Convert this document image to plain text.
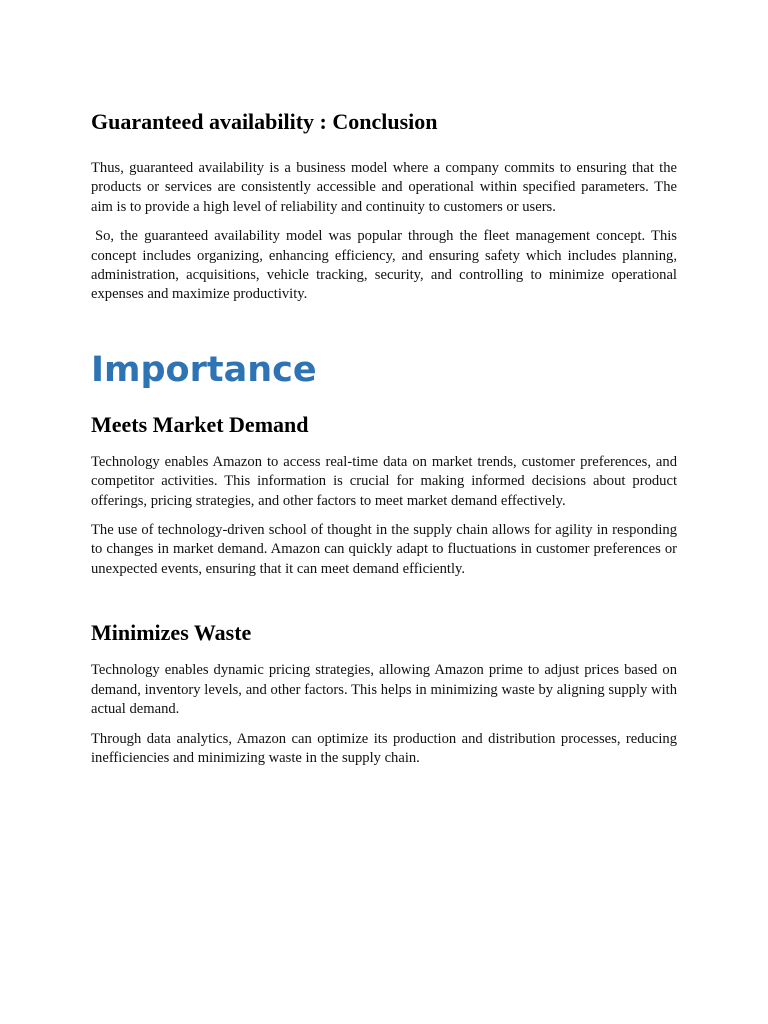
Guaranteed availability : Conclusion

Thus, guaranteed availability is a business model where a company commits to ensuring that the products or services are consistently accessible and operational within specified parameters. The aim is to provide a high level of reliability and continuity to customers or users.

So, the guaranteed availability model was popular through the fleet management concept. This concept includes organizing, enhancing efficiency, and ensuring safety which includes planning, administration, acquisitions, vehicle tracking, security, and controlling to minimize operational expenses and maximize productivity.

Importance
Meets Market Demand

Technology enables Amazon to access real-time data on market trends, customer preferences, and competitor activities. This information is crucial for making informed decisions about product offerings, pricing strategies, and other factors to meet market demand effectively.

The use of technology-driven school of thought in the supply chain allows for agility in responding to changes in market demand. Amazon can quickly adapt to fluctuations in customer preferences or unexpected events, ensuring that it can meet demand efficiently.

Minimizes Waste

Technology enables dynamic pricing strategies, allowing Amazon prime to adjust prices based on demand, inventory levels, and other factors. This helps in minimizing waste by aligning supply with actual demand.

Through data analytics, Amazon can optimize its production and distribution processes, reducing inefficiencies and minimizing waste in the supply chain.
